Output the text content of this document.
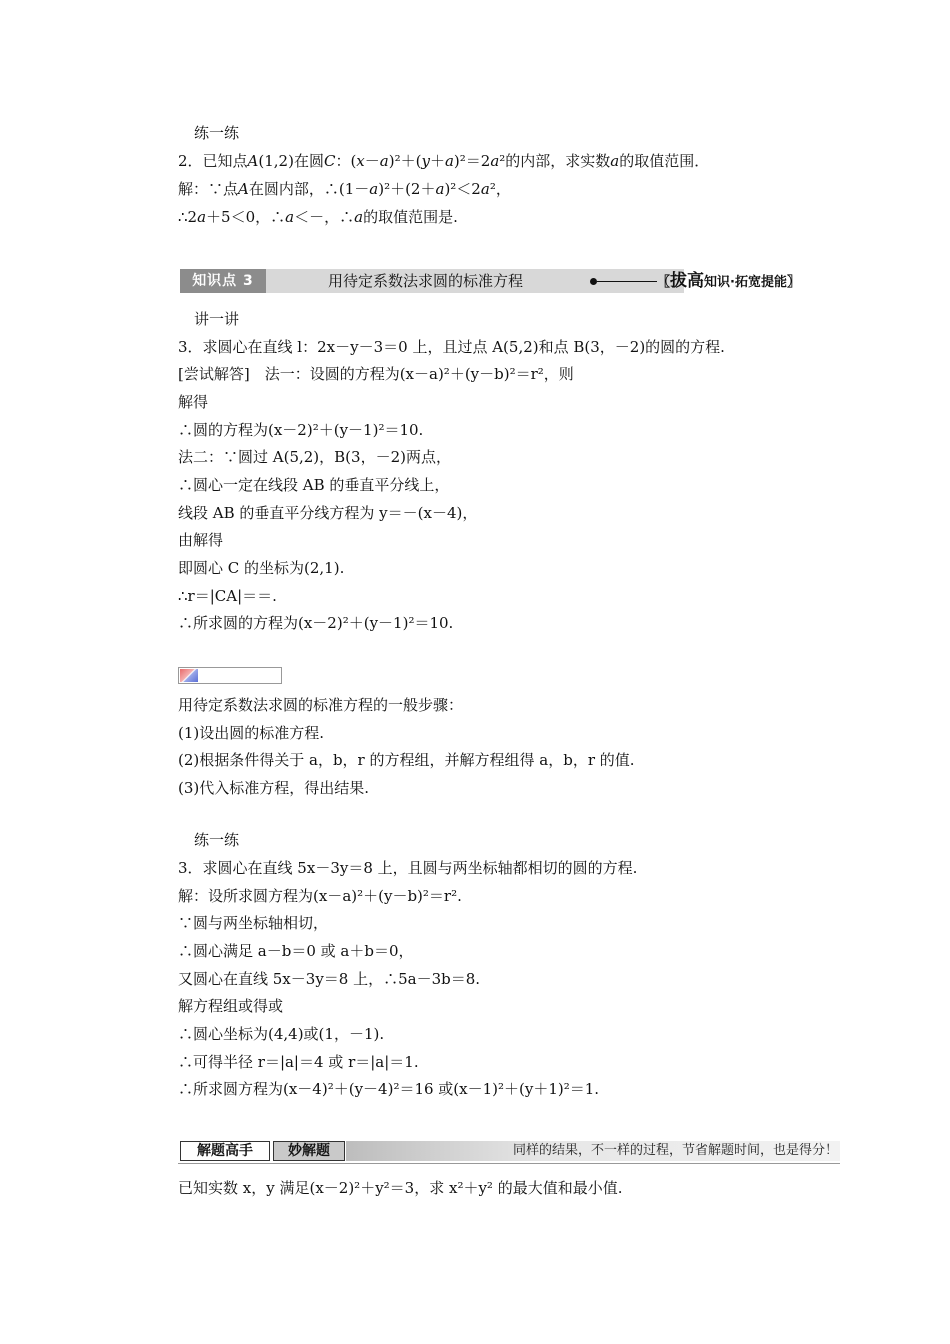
练一练
2．已知点A(1,2)在圆C：(x－a)²＋(y＋a)²＝2a²的内部，求实数a的取值范围．
解：∵点A在圆内部，∴(1－a)²＋(2＋a)²＜2a²，
∴2a＋5＜0，∴a＜－，∴a的取值范围是.
知识点 3	用待定系数法求圆的标准方程	〖拔高知识·拓宽提能〗
讲一讲
3．求圆心在直线 l：2x－y－3＝0 上，且过点 A(5,2)和点 B(3，－2)的圆的方程.
[尝试解答]　法一：设圆的方程为(x－a)²＋(y－b)²＝r²，则
解得
∴圆的方程为(x－2)²＋(y－1)²＝10.
法二：∵圆过 A(5,2)，B(3，－2)两点，
∴圆心一定在线段 AB 的垂直平分线上，
线段 AB 的垂直平分线方程为 y＝－(x－4)，
由解得
即圆心 C 的坐标为(2,1).
∴r＝|CA|＝＝.
∴所求圆的方程为(x－2)²＋(y－1)²＝10.
用待定系数法求圆的标准方程的一般步骤：
(1)设出圆的标准方程.
(2)根据条件得关于 a，b，r 的方程组，并解方程组得 a，b，r 的值.
(3)代入标准方程，得出结果.
练一练
3．求圆心在直线 5x－3y＝8 上，且圆与两坐标轴都相切的圆的方程.
解：设所求圆方程为(x－a)²＋(y－b)²＝r².
∵圆与两坐标轴相切，
∴圆心满足 a－b＝0 或 a＋b＝0，
又圆心在直线 5x－3y＝8 上，∴5a－3b＝8.
解方程组或得或
∴圆心坐标为(4,4)或(1，－1).
∴可得半径 r＝|a|＝4 或 r＝|a|＝1.
∴所求圆方程为(x－4)²＋(y－4)²＝16 或(x－1)²＋(y＋1)²＝1.
解题高手	妙解题	同样的结果，不一样的过程，节省解题时间，也是得分！
已知实数 x，y 满足(x－2)²＋y²＝3，求 x²＋y² 的最大值和最小值.
